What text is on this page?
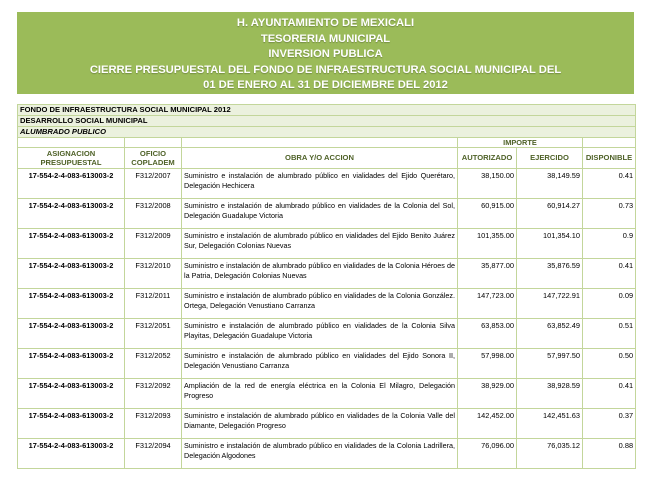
H. AYUNTAMIENTO DE MEXICALI
TESORERIA MUNICIPAL
INVERSION PUBLICA
CIERRE PRESUPUESTAL DEL FONDO DE INFRAESTRUCTURA SOCIAL MUNICIPAL DEL
01 DE ENERO AL 31 DE DICIEMBRE DEL 2012
FONDO DE INFRAESTRUCTURA SOCIAL MUNICIPAL 2012					
DESARROLLO SOCIAL MUNICIPAL					
ALUMBRADO PUBLICO					
			IMPORTE		
ASIGNACION PRESUPUESTAL	OFICIO COPLADEM	OBRA Y/O ACCION	AUTORIZADO	EJERCIDO	DISPONIBLE
17-554-2-4-083-613003-2	F312/2007	Suministro e instalación de alumbrado público en vialidades del Ejido Querétaro, Delegación Hechicera	38,150.00	38,149.59	0.41
17-554-2-4-083-613003-2	F312/2008	Suministro e instalación de alumbrado público en vialidades de la Colonia del Sol, Delegación Guadalupe Victoria	60,915.00	60,914.27	0.73
17-554-2-4-083-613003-2	F312/2009	Suministro e instalación de alumbrado público en vialidades del Ejido Benito Juárez Sur, Delegación Colonias Nuevas	101,355.00	101,354.10	0.9
17-554-2-4-083-613003-2	F312/2010	Suministro e instalación de alumbrado público en vialidades de la Colonia Héroes de la Patria, Delegación Colonias Nuevas	35,877.00	35,876.59	0.41
17-554-2-4-083-613003-2	F312/2011	Suministro e instalación de alumbrado público en vialidades de la Colonia González. Ortega, Delegación Venustiano Carranza	147,723.00	147,722.91	0.09
17-554-2-4-083-613003-2	F312/2051	Suministro e instalación de alumbrado público en vialidades de la Colonia Silva Playitas, Delegación Guadalupe Victoria	63,853.00	63,852.49	0.51
17-554-2-4-083-613003-2	F312/2052	Suministro e instalación de alumbrado público en vialidades del Ejido Sonora II, Delegación Venustiano Carranza	57,998.00	57,997.50	0.50
17-554-2-4-083-613003-2	F312/2092	Ampliación de la red de energía eléctrica en la Colonia El Milagro, Delegación Progreso	38,929.00	38,928.59	0.41
17-554-2-4-083-613003-2	F312/2093	Suministro e instalación de alumbrado público en vialidades de la Colonia Valle del Diamante, Delegación Progreso	142,452.00	142,451.63	0.37
17-554-2-4-083-613003-2	F312/2094	Suministro e instalación de alumbrado público en vialidades de la Colonia Ladrillera, Delegación Algodones	76,096.00	76,035.12	0.88
